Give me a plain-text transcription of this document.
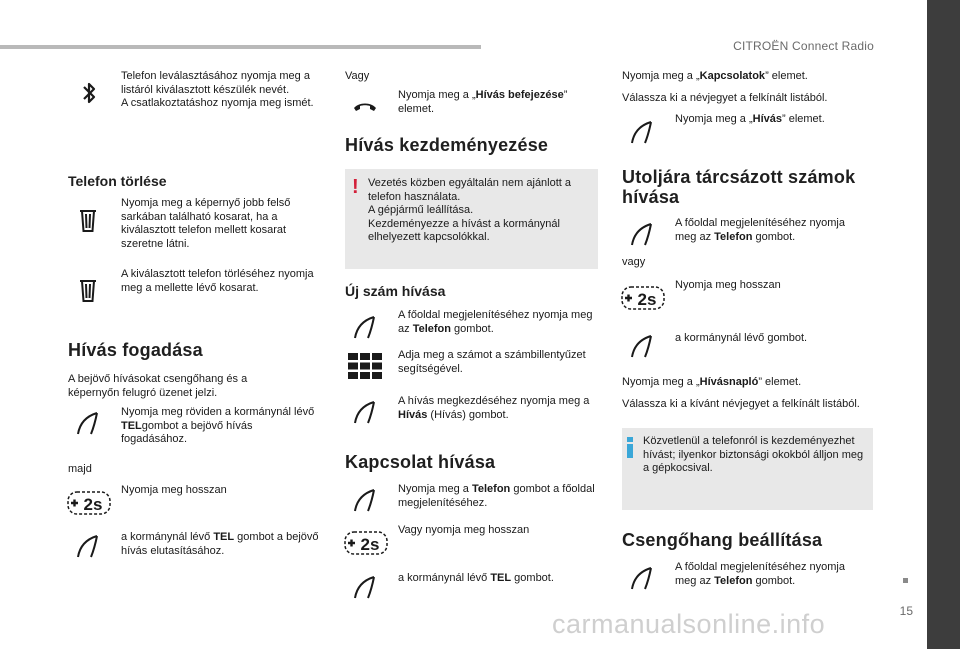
CITROËN Connect Radio
15
carmanualsonline.info
Telefon leválasztásához nyomja meg a listáról kiválasztott készülék nevét.
A csatlakoztatáshoz nyomja meg ismét.
Telefon törlése
Nyomja meg a képernyő jobb felső sarkában található kosarat, ha a kiválasztott telefon mellett kosarat szeretne látni.
A kiválasztott telefon törléséhez nyomja meg a mellette lévő kosarat.
Hívás fogadása
A bejövő hívásokat csengőhang és a képernyőn felugró üzenet jelzi.
Nyomja meg röviden a kormánynál lévő TELgombot a bejövő hívás fogadásához.
majd
2s
Nyomja meg hosszan
a kormánynál lévő TEL gombot a bejövő hívás elutasításához.
Vagy
Nyomja meg a „Hívás befejezése” elemet.
Hívás kezdeményezése
! Vezetés közben egyáltalán nem ajánlott a telefon használata.
A gépjármű leállítása.
Kezdeményezze a hívást a kormánynál elhelyezett kapcsolókkal.
Új szám hívása
A főoldal megjelenítéséhez nyomja meg az Telefon gombot.
Adja meg a számot a számbillentyűzet segítségével.
A hívás megkezdéséhez nyomja meg a Hívás (Hívás) gombot.
Kapcsolat hívása
Nyomja meg a Telefon gombot a főoldal megjelenítéséhez.
2s
Vagy nyomja meg hosszan
a kormánynál lévő TEL gombot.
Nyomja meg a „Kapcsolatok” elemet.
Válassza ki a névjegyet a felkínált listából.
Nyomja meg a „Hívás” elemet.
Utoljára tárcsázott számok hívása
A főoldal megjelenítéséhez nyomja meg az Telefon gombot.
vagy
2s
Nyomja meg hosszan
a kormánynál lévő gombot.
Nyomja meg a „Hívásnapló” elemet.
Válassza ki a kívánt névjegyet a felkínált listából.
Közvetlenül a telefonról is kezdeményezhet hívást; ilyenkor biztonsági okokból álljon meg a gépkocsival.
Csengőhang beállítása
A főoldal megjelenítéséhez nyomja meg az Telefon gombot.
